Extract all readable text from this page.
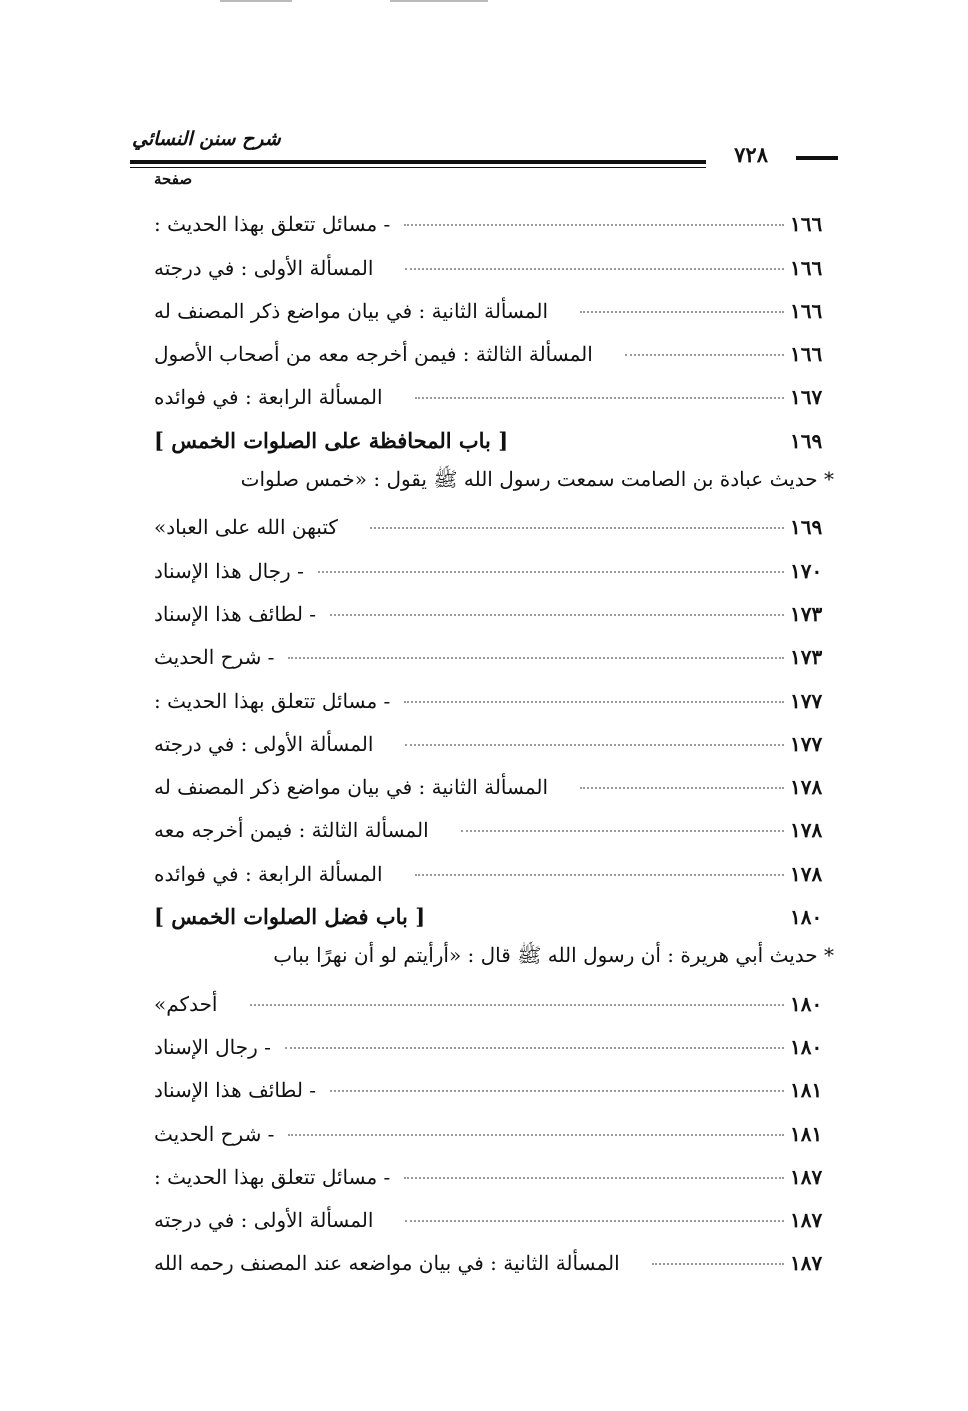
شرح سنن النسائي
٧٢٨
صفحة
- مسائل تتعلق بهذا الحديث :	١٦٦
المسألة الأولى : في درجته	١٦٦
المسألة الثانية : في بيان مواضع ذكر المصنف له	١٦٦
المسألة الثالثة : فيمن أخرجه معه من أصحاب الأصول	١٦٦
المسألة الرابعة : في فوائده	١٦٧
[ باب المحافظة على الصلوات الخمس ]	١٦٩
* حديث عبادة بن الصامت سمعت رسول الله ﷺ يقول : «خمس صلوات
كتبهن الله على العباد»	١٦٩
- رجال هذا الإسناد	١٧٠
- لطائف هذا الإسناد	١٧٣
- شرح الحديث	١٧٣
- مسائل تتعلق بهذا الحديث :	١٧٧
المسألة الأولى : في درجته	١٧٧
المسألة الثانية : في بيان مواضع ذكر المصنف له	١٧٨
المسألة الثالثة : فيمن أخرجه معه	١٧٨
المسألة الرابعة : في فوائده	١٧٨
[ باب فضل الصلوات الخمس ]	١٨٠
* حديث أبي هريرة : أن رسول الله ﷺ قال : «أرأيتم لو أن نهرًا بباب
أحدكم»	١٨٠
- رجال الإسناد	١٨٠
- لطائف هذا الإسناد	١٨١
- شرح الحديث	١٨١
- مسائل تتعلق بهذا الحديث :	١٨٧
المسألة الأولى : في درجته	١٨٧
المسألة الثانية : في بيان مواضعه عند المصنف رحمه الله	١٨٧
